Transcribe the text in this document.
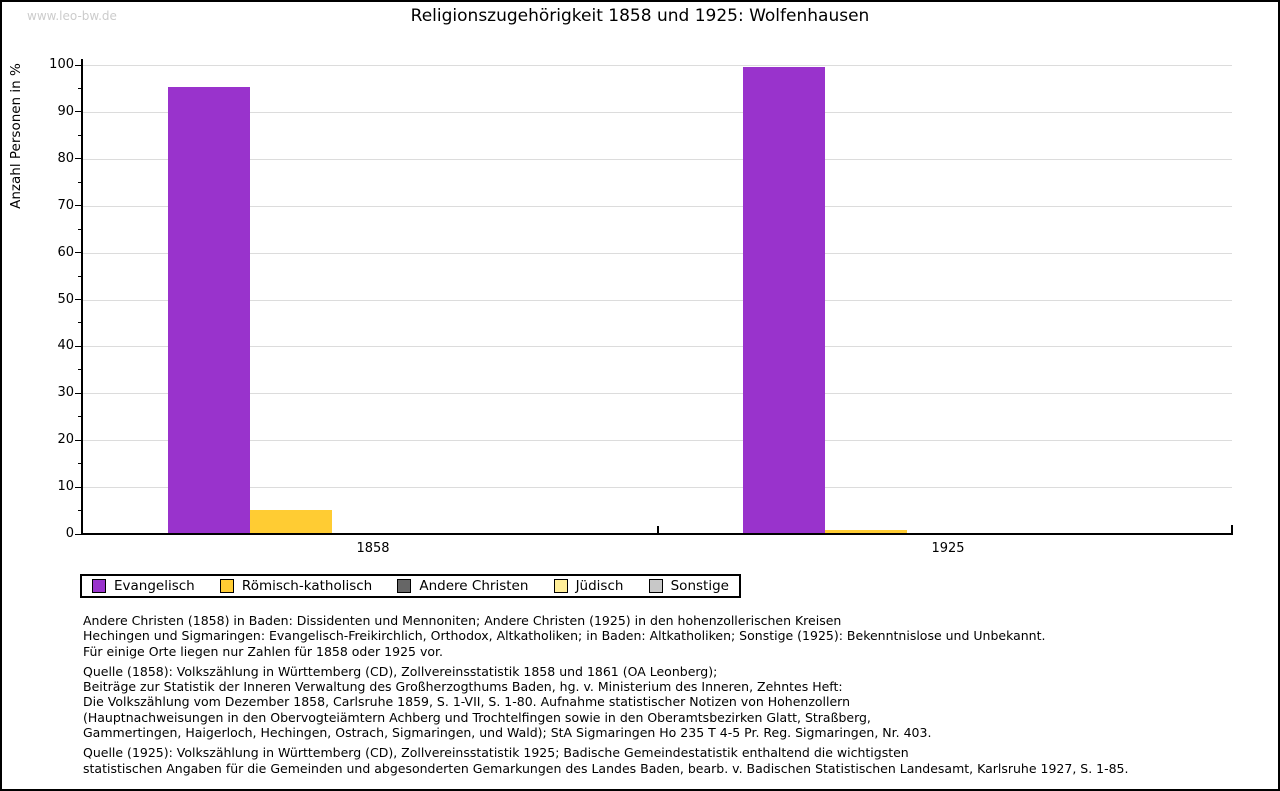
www.leo-bw.de	Religionszugehörigkeit 1858 und 1925: Wolfenhausen
Anzahl Personen in %
0
10
20
30
40
50
60
70
80
90
100
1858	1925
Evangelisch	Römisch-katholisch	Andere Christen	Jüdisch	Sonstige
Andere Christen (1858) in Baden: Dissidenten und Mennoniten; Andere Christen (1925) in den hohenzollerischen Kreisen
Hechingen und Sigmaringen: Evangelisch-Freikirchlich, Orthodox, Altkatholiken; in Baden: Altkatholiken; Sonstige (1925): Bekenntnislose und Unbekannt.
Für einige Orte liegen nur Zahlen für 1858 oder 1925 vor.
Quelle (1858): Volkszählung in Württemberg (CD), Zollvereinsstatistik 1858 und 1861 (OA Leonberg);
Beiträge zur Statistik der Inneren Verwaltung des Großherzogthums Baden, hg. v. Ministerium des Inneren, Zehntes Heft:
Die Volkszählung vom Dezember 1858, Carlsruhe 1859, S. 1-VII, S. 1-80. Aufnahme statistischer Notizen von Hohenzollern
(Hauptnachweisungen in den Obervogteiämtern Achberg und Trochtelfingen sowie in den Oberamtsbezirken Glatt, Straßberg,
Gammertingen, Haigerloch, Hechingen, Ostrach, Sigmaringen, und Wald); StA Sigmaringen Ho 235 T 4-5 Pr. Reg. Sigmaringen, Nr. 403.
Quelle (1925): Volkszählung in Württemberg (CD), Zollvereinsstatistik 1925; Badische Gemeindestatistik enthaltend die wichtigsten
statistischen Angaben für die Gemeinden und abgesonderten Gemarkungen des Landes Baden, bearb. v. Badischen Statistischen Landesamt, Karlsruhe 1927, S. 1-85.
